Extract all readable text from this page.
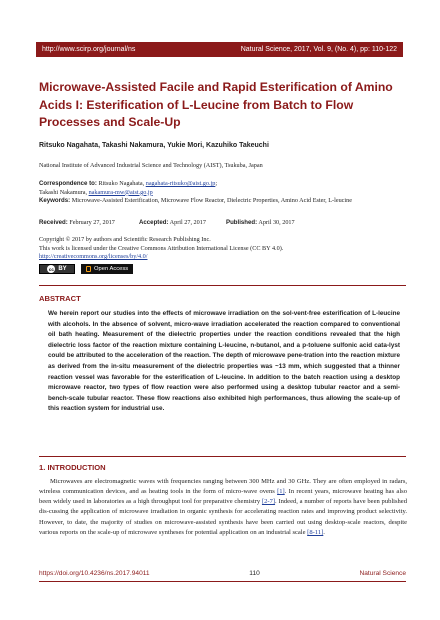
http://www.scirp.org/journal/ns	Natural Science, 2017, Vol. 9, (No. 4), pp: 110-122
Microwave-Assisted Facile and Rapid Esterification of Amino Acids I: Esterification of L-Leucine from Batch to Flow Processes and Scale-Up
Ritsuko Nagahata, Takashi Nakamura, Yukie Mori, Kazuhiko Takeuchi
National Institute of Advanced Industrial Science and Technology (AIST), Tsukuba, Japan
Correspondence to: Ritsuko Nagahata, nagahata-ritsuko@aist.go.jp;
Takashi Nakamura, nakamura-mw@aist.go.jp
Keywords: Microwave-Assisted Esterification, Microwave Flow Reactor, Dielectric Properties, Amino Acid Ester, L-leucine
Received: February 27, 2017	Accepted: April 27, 2017	Published: April 30, 2017
Copyright © 2017 by authors and Scientific Research Publishing Inc.
This work is licensed under the Creative Commons Attribution International License (CC BY 4.0).
http://creativecommons.org/licenses/by/4.0/
cc BY	Open Access
ABSTRACT
We herein report our studies into the effects of microwave irradiation on the sol-vent-free esterification of L-leucine with alcohols. In the absence of solvent, micro-wave irradiation accelerated the reaction compared to conventional oil bath heating. Measurement of the dielectric properties under the reaction conditions revealed that the high dielectric loss factor of the reaction mixture containing L-leucine, n-butanol, and a p-toluene sulfonic acid cata-lyst could be attributed to the acceleration of the reaction. The depth of microwave pene-tration into the reaction mixture as derived from the in-situ measurement of the dielectric properties was ~13 mm, which suggested that a thinner reaction vessel was favorable for the esterification of L-leucine. In addition to the batch reaction using a desktop microwave reactor, two types of flow reaction were also performed using a desktop tubular reactor and a semi-bench-scale tubular reactor. These flow reactions also exhibited high performances, thus allowing the scale-up of this reaction system for industrial use.
1. INTRODUCTION
Microwaves are electromagnetic waves with frequencies ranging between 300 MHz and 30 GHz. They are often employed in radars, wireless communication devices, and as heating tools in the form of micro-wave ovens [1]. In recent years, microwave heating has also been widely used in laboratories as a high throughput tool for preparative chemistry [2-7]. Indeed, a number of reports have been published dis-cussing the application of microwave irradiation in organic synthesis for accelerating reaction rates and improving product selectivity. However, to date, the majority of studies on microwave-assisted synthesis have been carried out using desktop-scale reactors, despite various reports on the scale-up of microwave syntheses for potential application on an industrial scale [8-11].
https://doi.org/10.4236/ns.2017.94011	110	Natural Science
